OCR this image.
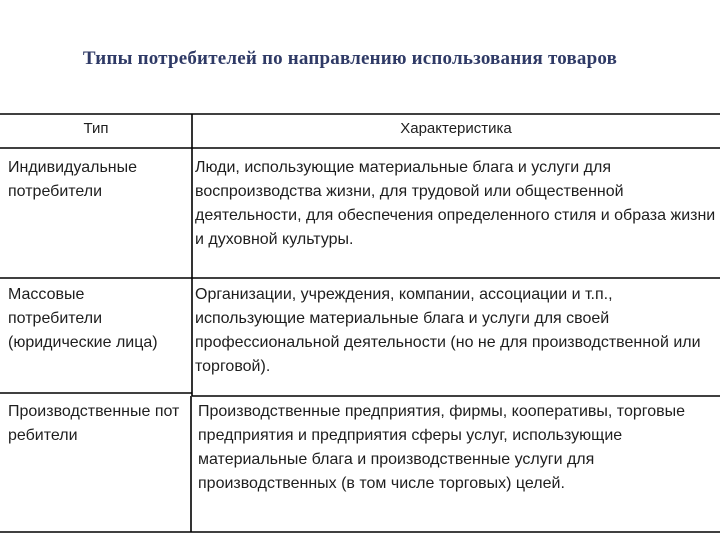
Типы потребителей по направлению использования товаров
Тип	Характеристика
Индивидуальные потребители
Люди, использующие материальные блага и услуги для воспроизводства жизни, для трудовой или общественной деятельности, для обеспечения определенного стиля и образа жизни и духовной культуры.
Массовые потребители (юридические лица)
Организации, учреждения, компании, ассоциации и т.п., использующие материальные блага и услуги для своей профессиональной деятельности (но не для производственной или торговой).
Производственные потребители
Производственные предприятия, фирмы, кооперативы, торговые предприятия и предприятия сферы услуг, использующие материальные блага и производственные услуги для производственных (в том числе торговых) целей.
